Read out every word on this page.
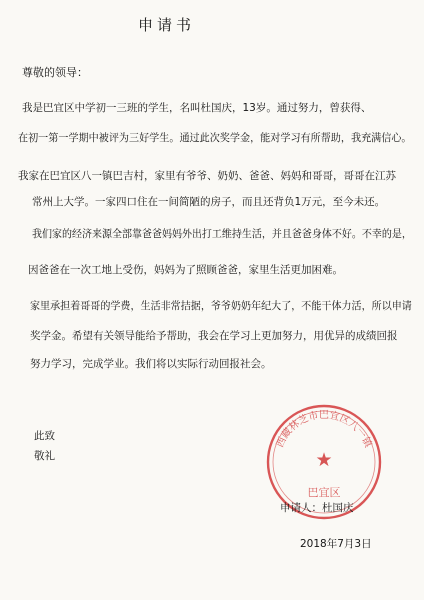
申请书
尊敬的领导：
我是巴宜区中学初一三班的学生，名叫杜国庆，13岁。通过努力，曾获得、
在初一第一学期中被评为三好学生。通过此次奖学金，能对学习有所帮助，我充满信心。
我家在巴宜区八一镇巴吉村，家里有爷爷、奶奶、爸爸、妈妈和哥哥，哥哥在江苏
常州上大学。一家四口住在一间简陋的房子，而且还背负1万元，至今未还。
我们家的经济来源全部靠爸爸妈妈外出打工维持生活，并且爸爸身体不好。不幸的是，
因爸爸在一次工地上受伤，妈妈为了照顾爸爸，家里生活更加困难。
家里承担着哥哥的学费，生活非常拮据，爷爷奶奶年纪大了，不能干体力活，所以申请
奖学金。希望有关领导能给予帮助，我会在学习上更加努力，用优异的成绩回报
努力学习，完成学业。我们将以实际行动回报社会。
此致
敬礼
西藏林芝市巴宜区八一镇
★
巴宜区
申请人：杜国庆
2018年7月3日
